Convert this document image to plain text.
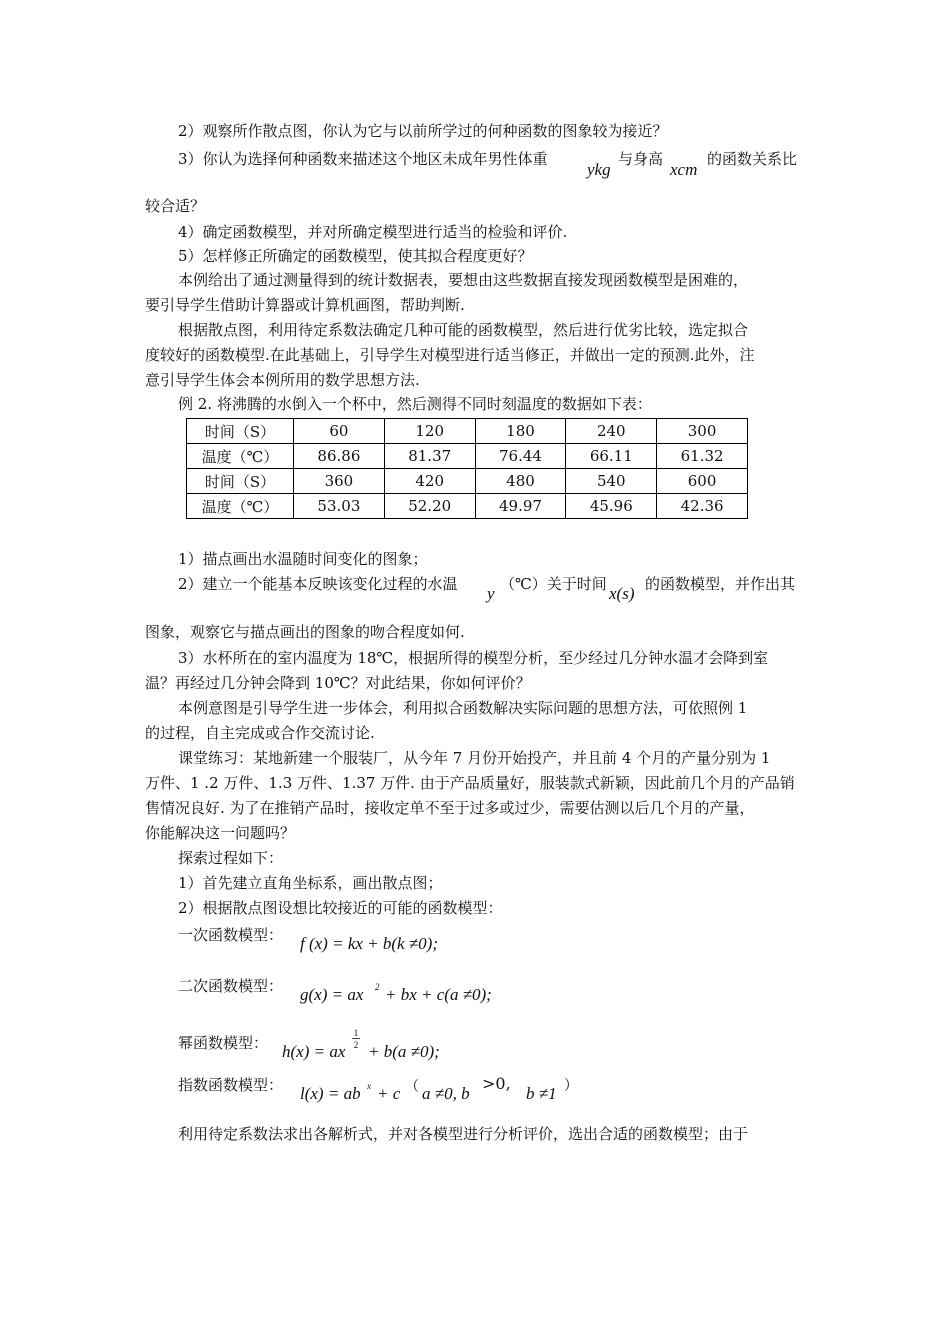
2）观察所作散点图，你认为它与以前所学过的何种函数的图象较为接近？
3）你认为选择何种函数来描述这个地区未成年男性体重
ykg
与身高
xcm
的函数关系比
较合适？
4）确定函数模型，并对所确定模型进行适当的检验和评价.
5）怎样修正所确定的函数模型，使其拟合程度更好？
本例给出了通过测量得到的统计数据表，要想由这些数据直接发现函数模型是困难的，
要引导学生借助计算器或计算机画图，帮助判断.
根据散点图，利用待定系数法确定几种可能的函数模型，然后进行优劣比较，选定拟合
度较好的函数模型.在此基础上，引导学生对模型进行适当修正，并做出一定的预测.此外，注
意引导学生体会本例所用的数学思想方法.
例 2. 将沸腾的水倒入一个杯中，然后测得不同时刻温度的数据如下表：
时间（S）	60	120	180	240	300
温度（℃）	86.86	81.37	76.44	66.11	61.32
时间（S）	360	420	480	540	600
温度（℃）	53.03	52.20	49.97	45.96	42.36
1）描点画出水温随时间变化的图象；
2）建立一个能基本反映该变化过程的水温 y （℃）关于时间 x(s) 的函数模型，并作出其
图象，观察它与描点画出的图象的吻合程度如何.
3）水杯所在的室内温度为 18℃，根据所得的模型分析，至少经过几分钟水温才会降到室
温？再经过几分钟会降到 10℃？对此结果，你如何评价？
本例意图是引导学生进一步体会，利用拟合函数解决实际问题的思想方法，可依照例 1
的过程，自主完成或合作交流讨论.
课堂练习：某地新建一个服装厂，从今年 7 月份开始投产，并且前 4 个月的产量分别为 1
万件、1 .2 万件、1.3 万件、1.37 万件. 由于产品质量好，服装款式新颖，因此前几个月的产品销
售情况良好. 为了在推销产品时，接收定单不至于过多或过少，需要估测以后几个月的产量，
你能解决这一问题吗？
探索过程如下：
1）首先建立直角坐标系，画出散点图；
2）根据散点图设想比较接近的可能的函数模型：
一次函数模型： f (x) = kx + b(k ≠0);
二次函数模型： g(x) = ax 2 + bx + c(a ≠0);
幂函数模型： h(x) = ax
1
2 + b(a ≠0);
指数函数模型： l(x) = ab x + c （ a ≠0, b
>0,
b ≠1 ）
利用待定系数法求出各解析式，并对各模型进行分析评价，选出合适的函数模型；由于
